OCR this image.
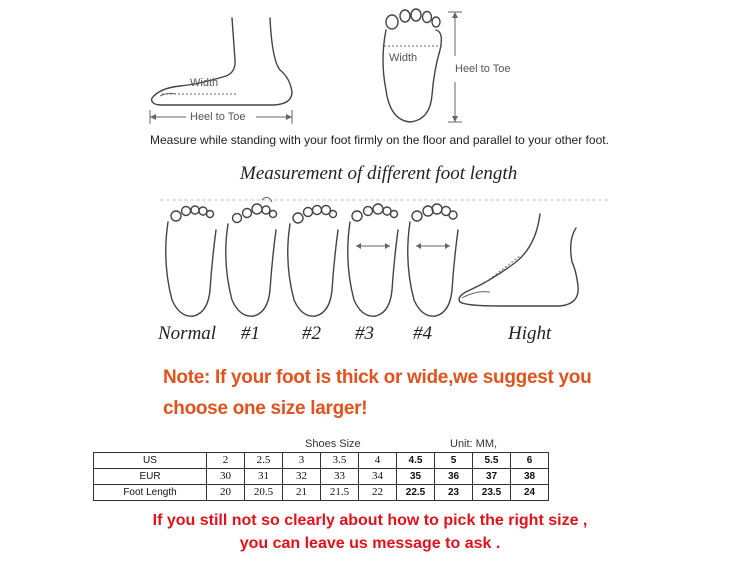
Width
Heel to Toe
Width
Heel to Toe
Measure while standing with your foot firmly on the floor and parallel to your other foot.
Measurement of different foot length
Normal #1 #2 #3 #4	Hight
Note: If your foot is thick or wide,we suggest you
choose one size larger!
Shoes Size	Unit: MM,
US	2	2.5	3	3.5	4	4.5	5	5.5	6
EUR	30	31	32	33	34	35	36	37	38
Foot Length	20	20.5	21	21.5	22	22.5	23	23.5	24
If you still not so clearly about how to pick the right size ,
you can leave us message to ask .
